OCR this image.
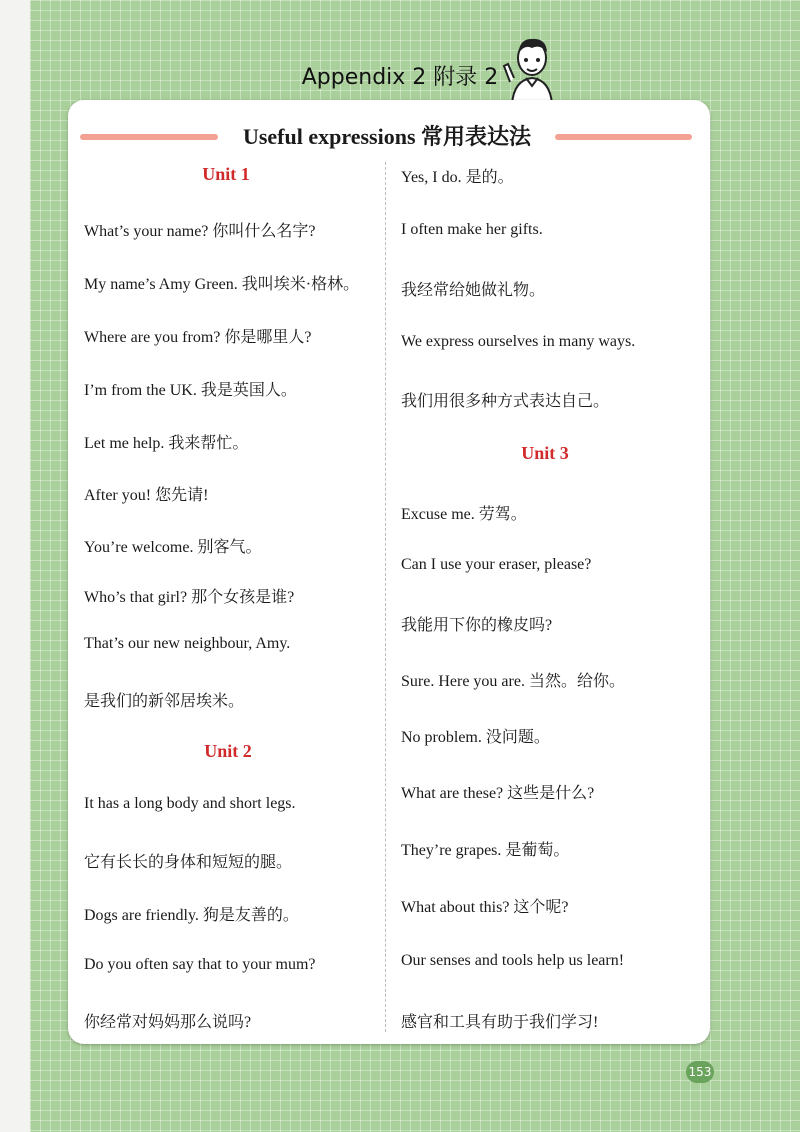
Appendix 2 附录 2
Useful expressions 常用表达法
Unit 1
What’s your name? 你叫什么名字?
My name’s Amy Green. 我叫埃米·格林。
Where are you from? 你是哪里人?
I’m from the UK. 我是英国人。
Let me help. 我来帮忙。
After you! 您先请!
You’re welcome. 别客气。
Who’s that girl? 那个女孩是谁?
That’s our new neighbour, Amy.
是我们的新邻居埃米。
Unit 2
It has a long body and short legs.
它有长长的身体和短短的腿。
Dogs are friendly. 狗是友善的。
Do you often say that to your mum?
你经常对妈妈那么说吗?
Yes, I do. 是的。
I often make her gifts.
我经常给她做礼物。
We express ourselves in many ways.
我们用很多种方式表达自己。
Unit 3
Excuse me. 劳驾。
Can I use your eraser, please?
我能用下你的橡皮吗?
Sure. Here you are. 当然。给你。
No problem. 没问题。
What are these? 这些是什么?
They’re grapes. 是葡萄。
What about this? 这个呢?
Our senses and tools help us learn!
感官和工具有助于我们学习!
153
